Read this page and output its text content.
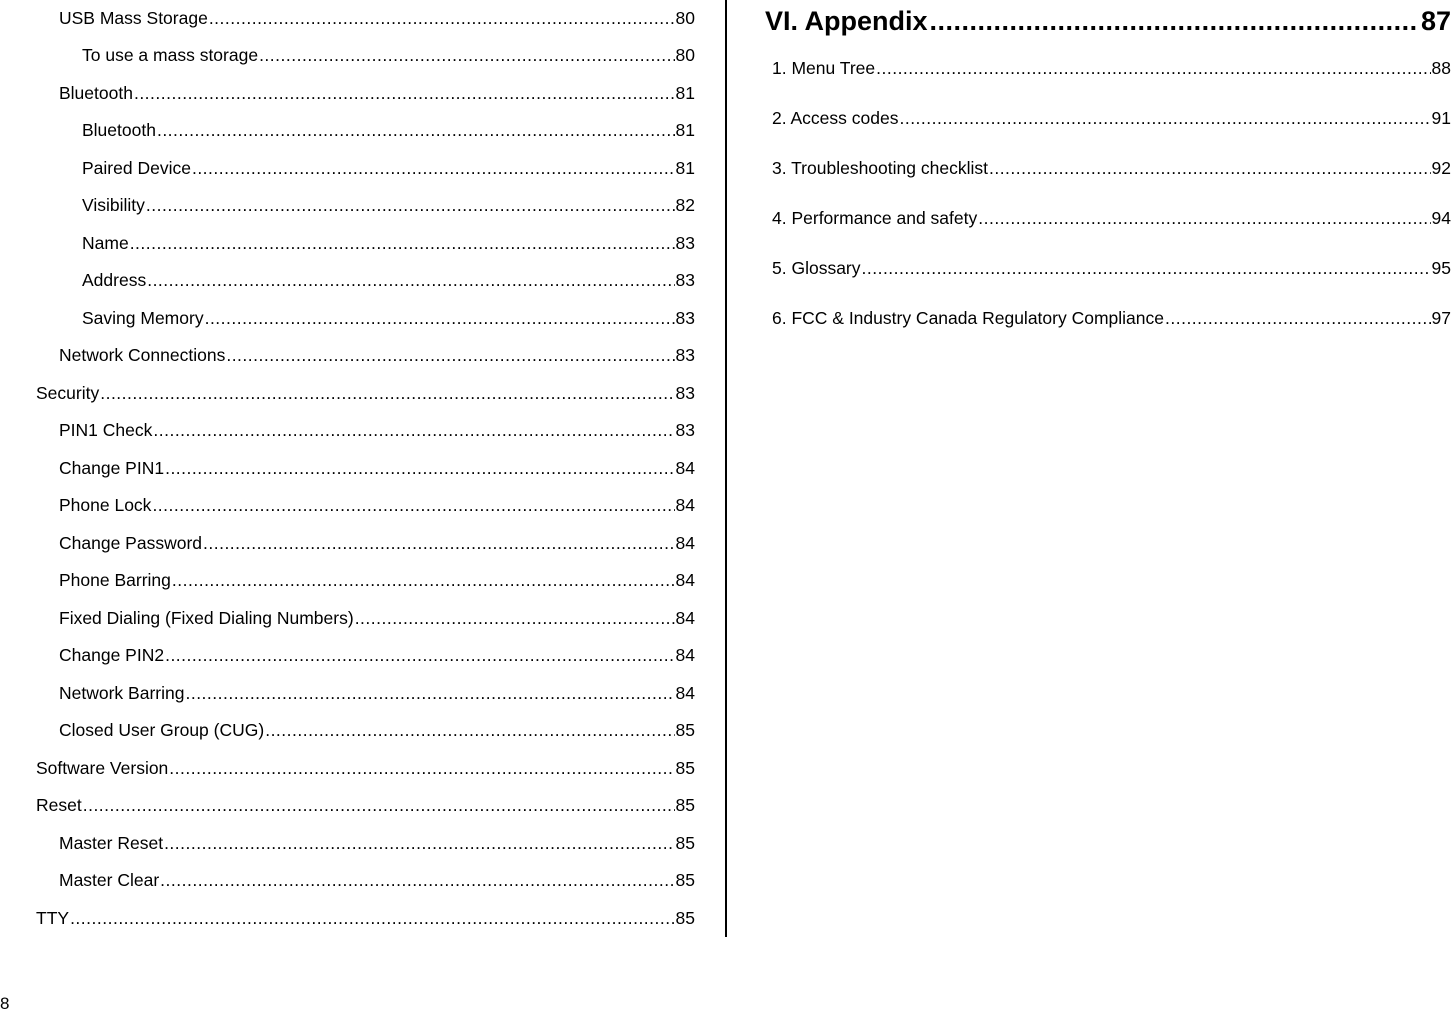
USB Mass Storage .....	80
To use a mass storage .....	80
Bluetooth .....	81
Bluetooth .....	81
Paired Device .....	81
Visibility .....	82
Name .....	83
Address .....	83
Saving Memory .....	83
Network Connections .....	83
Security .....	83
PIN1 Check .....	83
Change PIN1 .....	84
Phone Lock .....	84
Change Password .....	84
Phone Barring .....	84
Fixed Dialing (Fixed Dialing Numbers) .....	84
Change PIN2 .....	84
Network Barring .....	84
Closed User Group (CUG) .....	85
Software Version .....	85
Reset .....	85
Master Reset .....	85
Master Clear .....	85
TTY .....	85
VI. Appendix .....	87
1. Menu Tree .....	88
2. Access codes .....	91
3. Troubleshooting checklist .....	92
4. Performance and safety .....	94
5. Glossary .....	95
6. FCC & Industry Canada Regulatory Compliance .....	97
8
